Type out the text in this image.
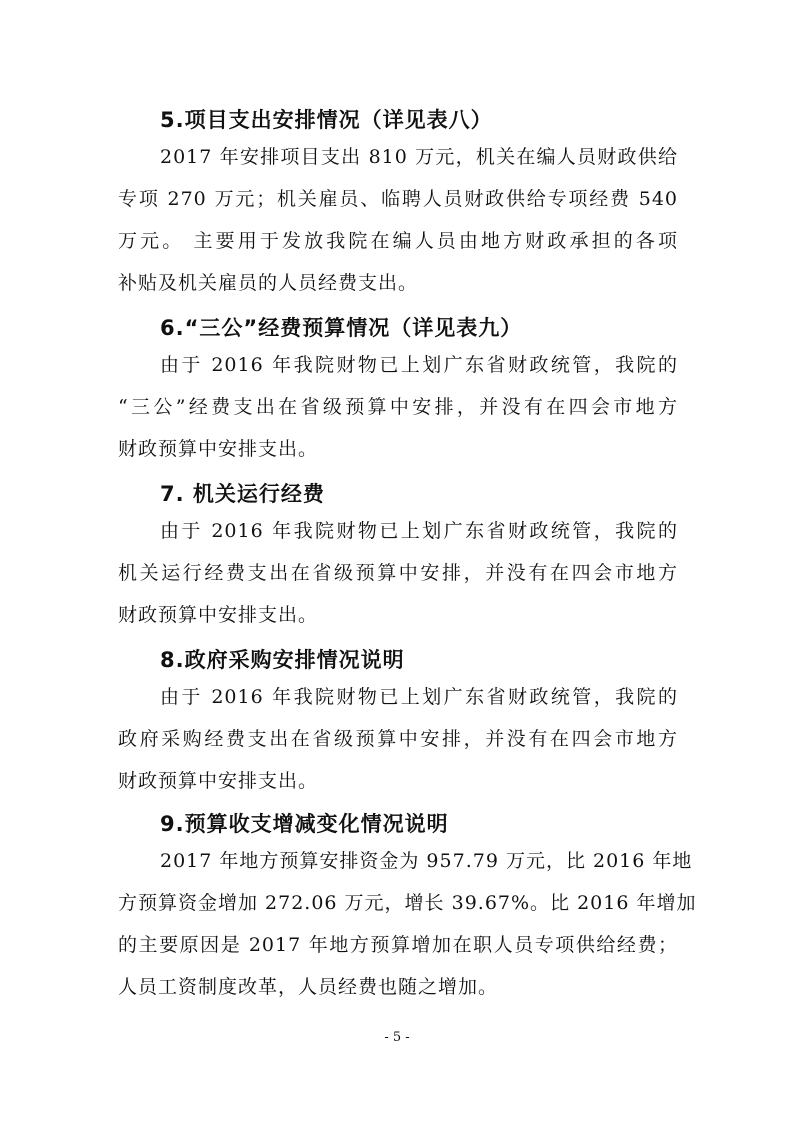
5.项目支出安排情况（详见表八）

2017 年安排项目支出 810 万元，机关在编人员财政供给
专项 270 万元；机关雇员、临聘人员财政供给专项经费 540
万元。 主要用于发放我院在编人员由地方财政承担的各项
补贴及机关雇员的人员经费支出。

6.“三公”经费预算情况（详见表九）

由于 2016 年我院财物已上划广东省财政统管，我院的
“三公”经费支出在省级预算中安排，并没有在四会市地方
财政预算中安排支出。

7. 机关运行经费

由于 2016 年我院财物已上划广东省财政统管，我院的
机关运行经费支出在省级预算中安排，并没有在四会市地方
财政预算中安排支出。

8.政府采购安排情况说明

由于 2016 年我院财物已上划广东省财政统管，我院的
政府采购经费支出在省级预算中安排，并没有在四会市地方
财政预算中安排支出。

9.预算收支增减变化情况说明

2017 年地方预算安排资金为 957.79 万元，比 2016 年地
方预算资金增加 272.06 万元，增长 39.67%。比 2016 年增加
的主要原因是 2017 年地方预算增加在职人员专项供给经费；
人员工资制度改革，人员经费也随之增加。

- 5 -
